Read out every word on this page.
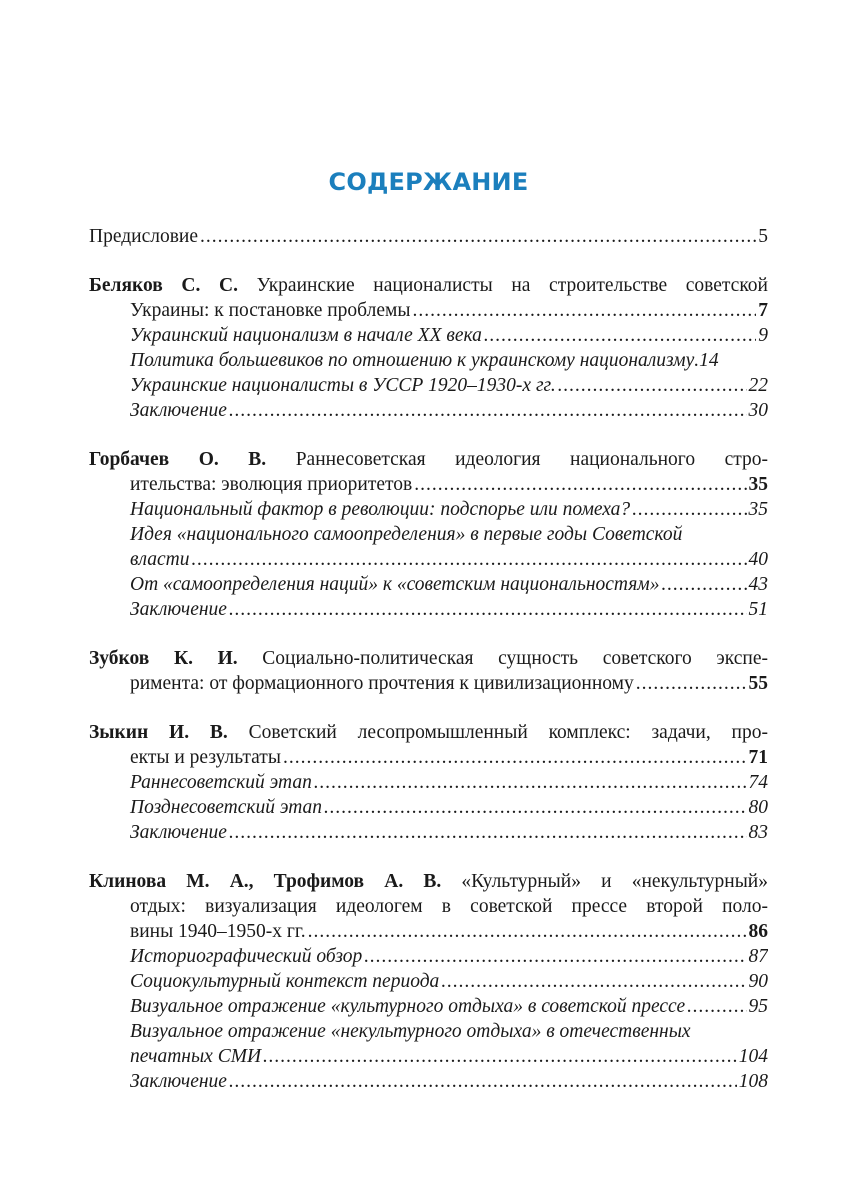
СОДЕРЖАНИЕ
Предисловие .....	5
Беляков С. С. Украинские националисты на строительстве советской
Украины: к постановке проблемы .....	7
Украинский национализм в начале XX века .....	9
Политика большевиков по отношению к украинскому национализму .14
Украинские националисты в УССР 1920–1930-х гг. .....	22
Заключение .....	30
Горбачев О. В. Раннесоветская идеология национального стро-
ительства: эволюция приоритетов .....	35
Национальный фактор в революции: подспорье или помеха? .....	35
Идея «национального самоопределения» в первые годы Советской
власти .....	40
От «самоопределения наций» к «советским национальностям» .....	43
Заключение .....	51
Зубков К. И. Социально-политическая сущность советского экспе-
римента: от формационного прочтения к цивилизационному .....	55
Зыкин И. В. Советский лесопромышленный комплекс: задачи, про-
екты и результаты .....	71
Раннесоветский этап .....	74
Позднесоветский этап .....	80
Заключение .....	83
Клинова М. А., Трофимов А. В. «Культурный» и «некультурный»
отдых: визуализация идеологем в советской прессе второй поло-
вины 1940–1950-х гг. .....	86
Историографический обзор .....	87
Социокультурный контекст периода .....	90
Визуальное отражение «культурного отдыха» в советской прессе .....	95
Визуальное отражение «некультурного отдыха» в отечественных
печатных СМИ .....	104
Заключение .....	108
